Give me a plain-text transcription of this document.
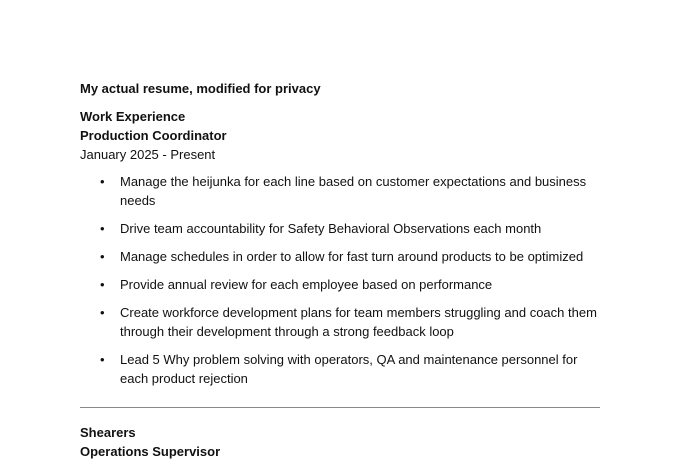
My actual resume, modified for privacy
Work Experience
Production Coordinator
January 2025 - Present
• Manage the heijunka for each line based on customer expectations and business needs
• Drive team accountability for Safety Behavioral Observations each month
• Manage schedules in order to allow for fast turn around products to be optimized
• Provide annual review for each employee based on performance
• Create workforce development plans for team members struggling and coach them through their development through a strong feedback loop
• Lead 5 Why problem solving with operators, QA and maintenance personnel for each product rejection
Shearers
Operations Supervisor
